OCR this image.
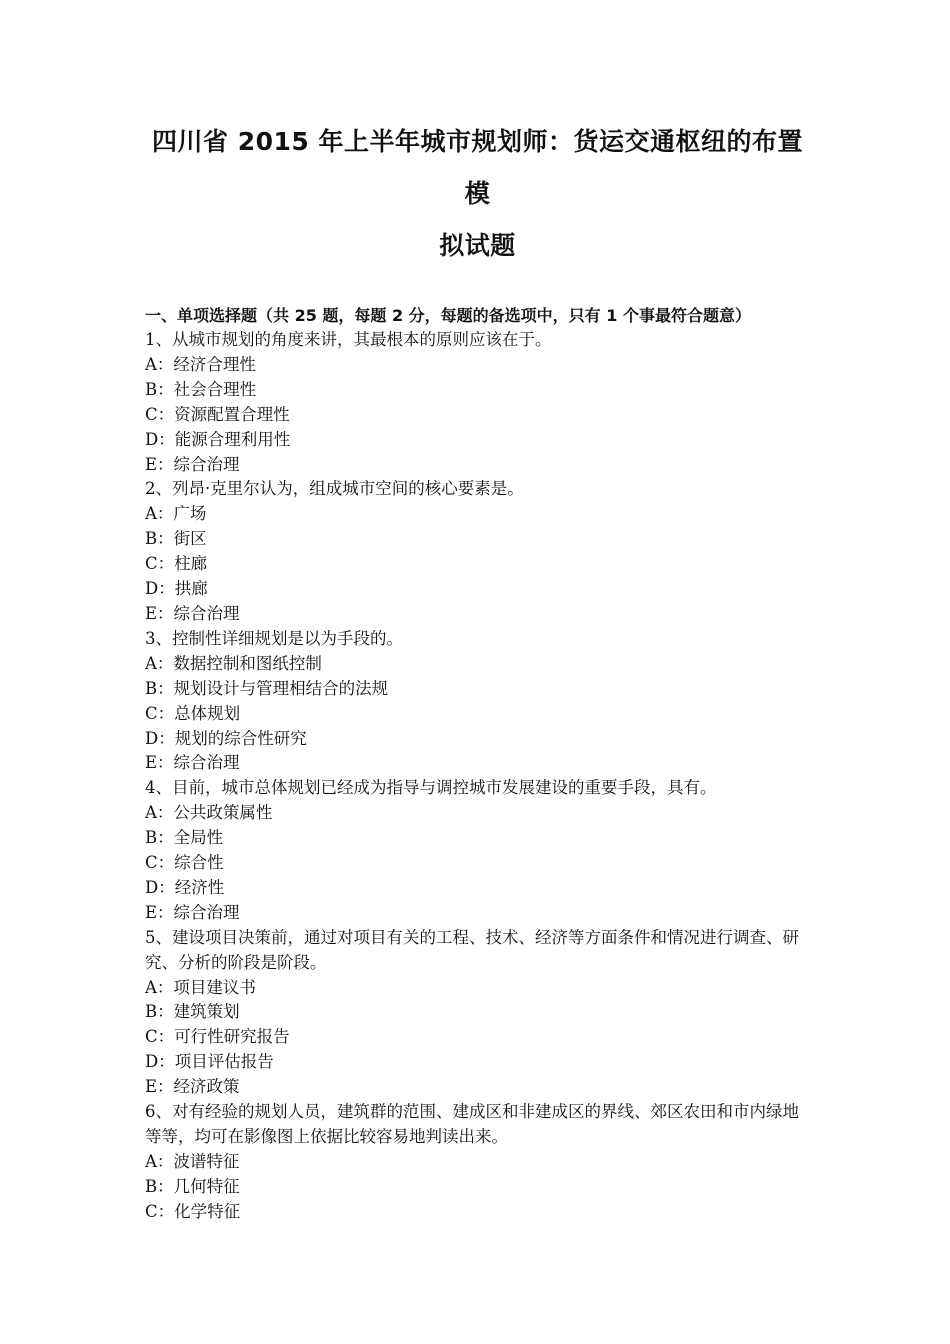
四川省 2015 年上半年城市规划师：货运交通枢纽的布置模
拟试题
一、单项选择题（共 25 题，每题 2 分，每题的备选项中，只有 1 个事最符合题意）

1、从城市规划的角度来讲，其最根本的原则应该在于。

A：经济合理性

B：社会合理性

C：资源配置合理性

D：能源合理利用性

E：综合治理

2、列昂·克里尔认为，组成城市空间的核心要素是。

A：广场

B：街区

C：柱廊

D：拱廊

E：综合治理

3、控制性详细规划是以为手段的。

A：数据控制和图纸控制

B：规划设计与管理相结合的法规

C：总体规划

D：规划的综合性研究

E：综合治理

4、目前，城市总体规划已经成为指导与调控城市发展建设的重要手段，具有。

A：公共政策属性

B：全局性

C：综合性

D：经济性

E：综合治理

5、建设项目决策前，通过对项目有关的工程、技术、经济等方面条件和情况进行调查、研究、分析的阶段是阶段。

A：项目建议书

B：建筑策划

C：可行性研究报告

D：项目评估报告

E：经济政策

6、对有经验的规划人员，建筑群的范围、建成区和非建成区的界线、郊区农田和市内绿地等等，均可在影像图上依据比较容易地判读出来。

A：波谱特征

B：几何特征

C：化学特征
